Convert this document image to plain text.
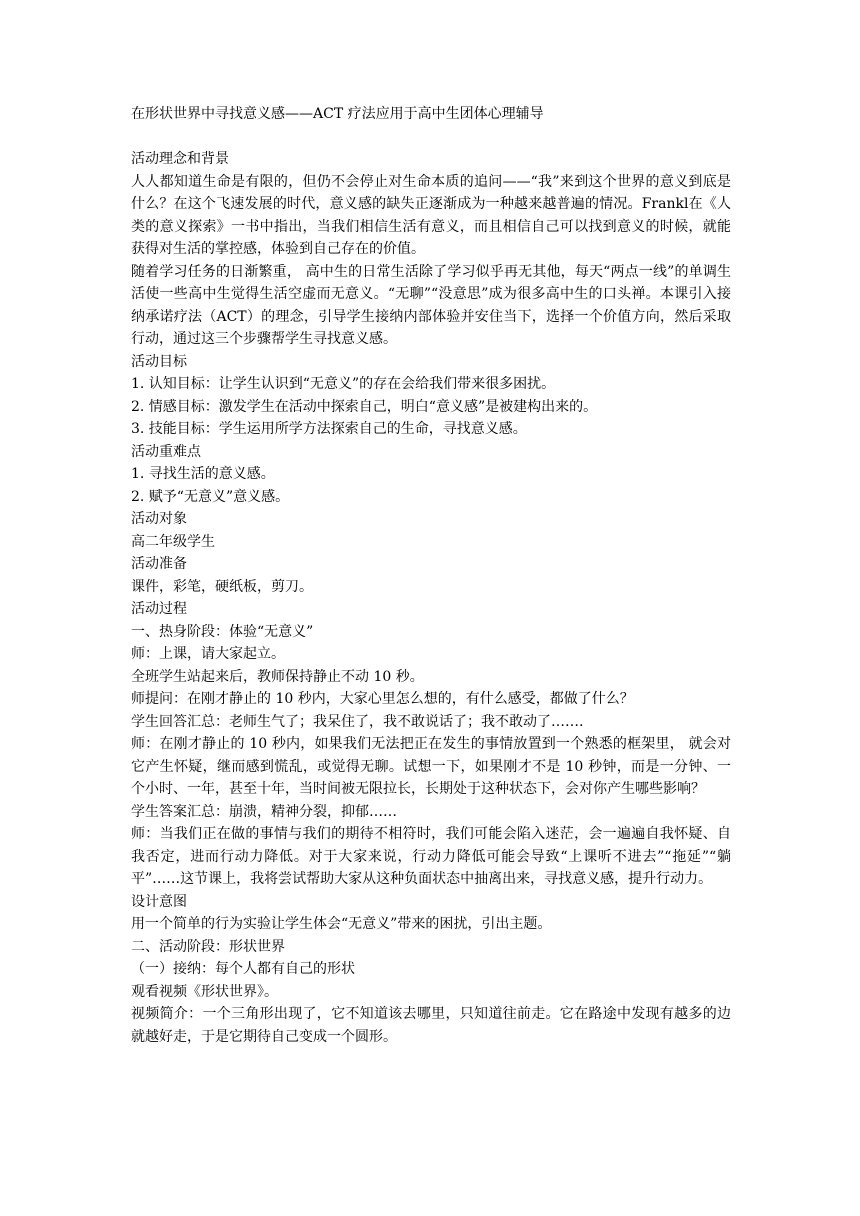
在形状世界中寻找意义感——ACT 疗法应用于高中生团体心理辅导

活动理念和背景

人人都知道生命是有限的，但仍不会停止对生命本质的追问——“我”来到这个世界的意义到底是什么？在这个飞速发展的时代，意义感的缺失正逐渐成为一种越来越普遍的情况。Frankl在《人类的意义探索》一书中指出，当我们相信生活有意义，而且相信自己可以找到意义的时候，就能获得对生活的掌控感，体验到自己存在的价值。

随着学习任务的日渐繁重， 高中生的日常生活除了学习似乎再无其他，每天“两点一线”的单调生活使一些高中生觉得生活空虚而无意义。“无聊”“没意思”成为很多高中生的口头禅。本课引入接纳承诺疗法（ACT）的理念，引导学生接纳内部体验并安住当下，选择一个价值方向，然后采取行动，通过这三个步骤帮学生寻找意义感。

活动目标

1. 认知目标：让学生认识到“无意义”的存在会给我们带来很多困扰。

2. 情感目标：激发学生在活动中探索自己，明白“意义感”是被建构出来的。

3. 技能目标：学生运用所学方法探索自己的生命，寻找意义感。

活动重难点

1. 寻找生活的意义感。

2. 赋予“无意义”意义感。

活动对象

高二年级学生

活动准备

课件，彩笔，硬纸板，剪刀。

活动过程

一、热身阶段：体验“无意义”

师：上课，请大家起立。

全班学生站起来后，教师保持静止不动 10 秒。

师提问：在刚才静止的 10 秒内，大家心里怎么想的，有什么感受，都做了什么？

学生回答汇总：老师生气了；我呆住了，我不敢说话了；我不敢动了…….

师：在刚才静止的 10 秒内，如果我们无法把正在发生的事情放置到一个熟悉的框架里， 就会对它产生怀疑，继而感到慌乱，或觉得无聊。试想一下，如果刚才不是 10 秒钟，而是一分钟、一个小时、一年，甚至十年，当时间被无限拉长，长期处于这种状态下，会对你产生哪些影响？

学生答案汇总：崩溃，精神分裂，抑郁……

师：当我们正在做的事情与我们的期待不相符时，我们可能会陷入迷茫，会一遍遍自我怀疑、自我否定，进而行动力降低。对于大家来说，行动力降低可能会导致“上课听不进去”“拖延”“躺平”……这节课上，我将尝试帮助大家从这种负面状态中抽离出来，寻找意义感，提升行动力。

设计意图

用一个简单的行为实验让学生体会“无意义”带来的困扰，引出主题。

二、活动阶段：形状世界

（一）接纳：每个人都有自己的形状

观看视频《形状世界》。

视频简介：一个三角形出现了，它不知道该去哪里，只知道往前走。它在路途中发现有越多的边就越好走，于是它期待自己变成一个圆形。
